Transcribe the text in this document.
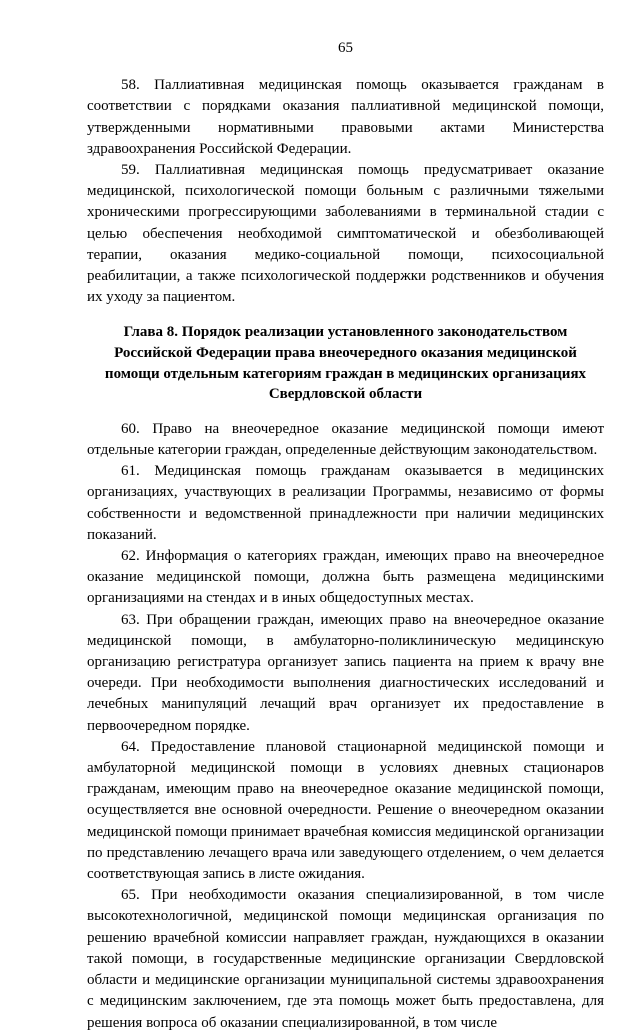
65

58. Паллиативная медицинская помощь оказывается гражданам в соответствии с порядками оказания паллиативной медицинской помощи, утвержденными нормативными правовыми актами Министерства здравоохранения Российской Федерации.

59. Паллиативная медицинская помощь предусматривает оказание медицинской, психологической помощи больным с различными тяжелыми хроническими прогрессирующими заболеваниями в терминальной стадии с целью обеспечения необходимой симптоматической и обезболивающей терапии, оказания медико-социальной помощи, психосоциальной реабилитации, а также психологической поддержки родственников и обучения их уходу за пациентом.

Глава 8. Порядок реализации установленного законодательством Российской Федерации права внеочередного оказания медицинской помощи отдельным категориям граждан в медицинских организациях Свердловской области

60. Право на внеочередное оказание медицинской помощи имеют отдельные категории граждан, определенные действующим законодательством.

61. Медицинская помощь гражданам оказывается в медицинских организациях, участвующих в реализации Программы, независимо от формы собственности и ведомственной принадлежности при наличии медицинских показаний.

62. Информация о категориях граждан, имеющих право на внеочередное оказание медицинской помощи, должна быть размещена медицинскими организациями на стендах и в иных общедоступных местах.

63. При обращении граждан, имеющих право на внеочередное оказание медицинской помощи, в амбулаторно-поликлиническую медицинскую организацию регистратура организует запись пациента на прием к врачу вне очереди. При необходимости выполнения диагностических исследований и лечебных манипуляций лечащий врач организует их предоставление в первоочередном порядке.

64. Предоставление плановой стационарной медицинской помощи и амбулаторной медицинской помощи в условиях дневных стационаров гражданам, имеющим право на внеочередное оказание медицинской помощи, осуществляется вне основной очередности. Решение о внеочередном оказании медицинской помощи принимает врачебная комиссия медицинской организации по представлению лечащего врача или заведующего отделением, о чем делается соответствующая запись в листе ожидания.

65. При необходимости оказания специализированной, в том числе высокотехнологичной, медицинской помощи медицинская организация по решению врачебной комиссии направляет граждан, нуждающихся в оказании такой помощи, в государственные медицинские организации Свердловской области и медицинские организации муниципальной системы здравоохранения с медицинским заключением, где эта помощь может быть предоставлена, для решения вопроса об оказании специализированной, в том числе
